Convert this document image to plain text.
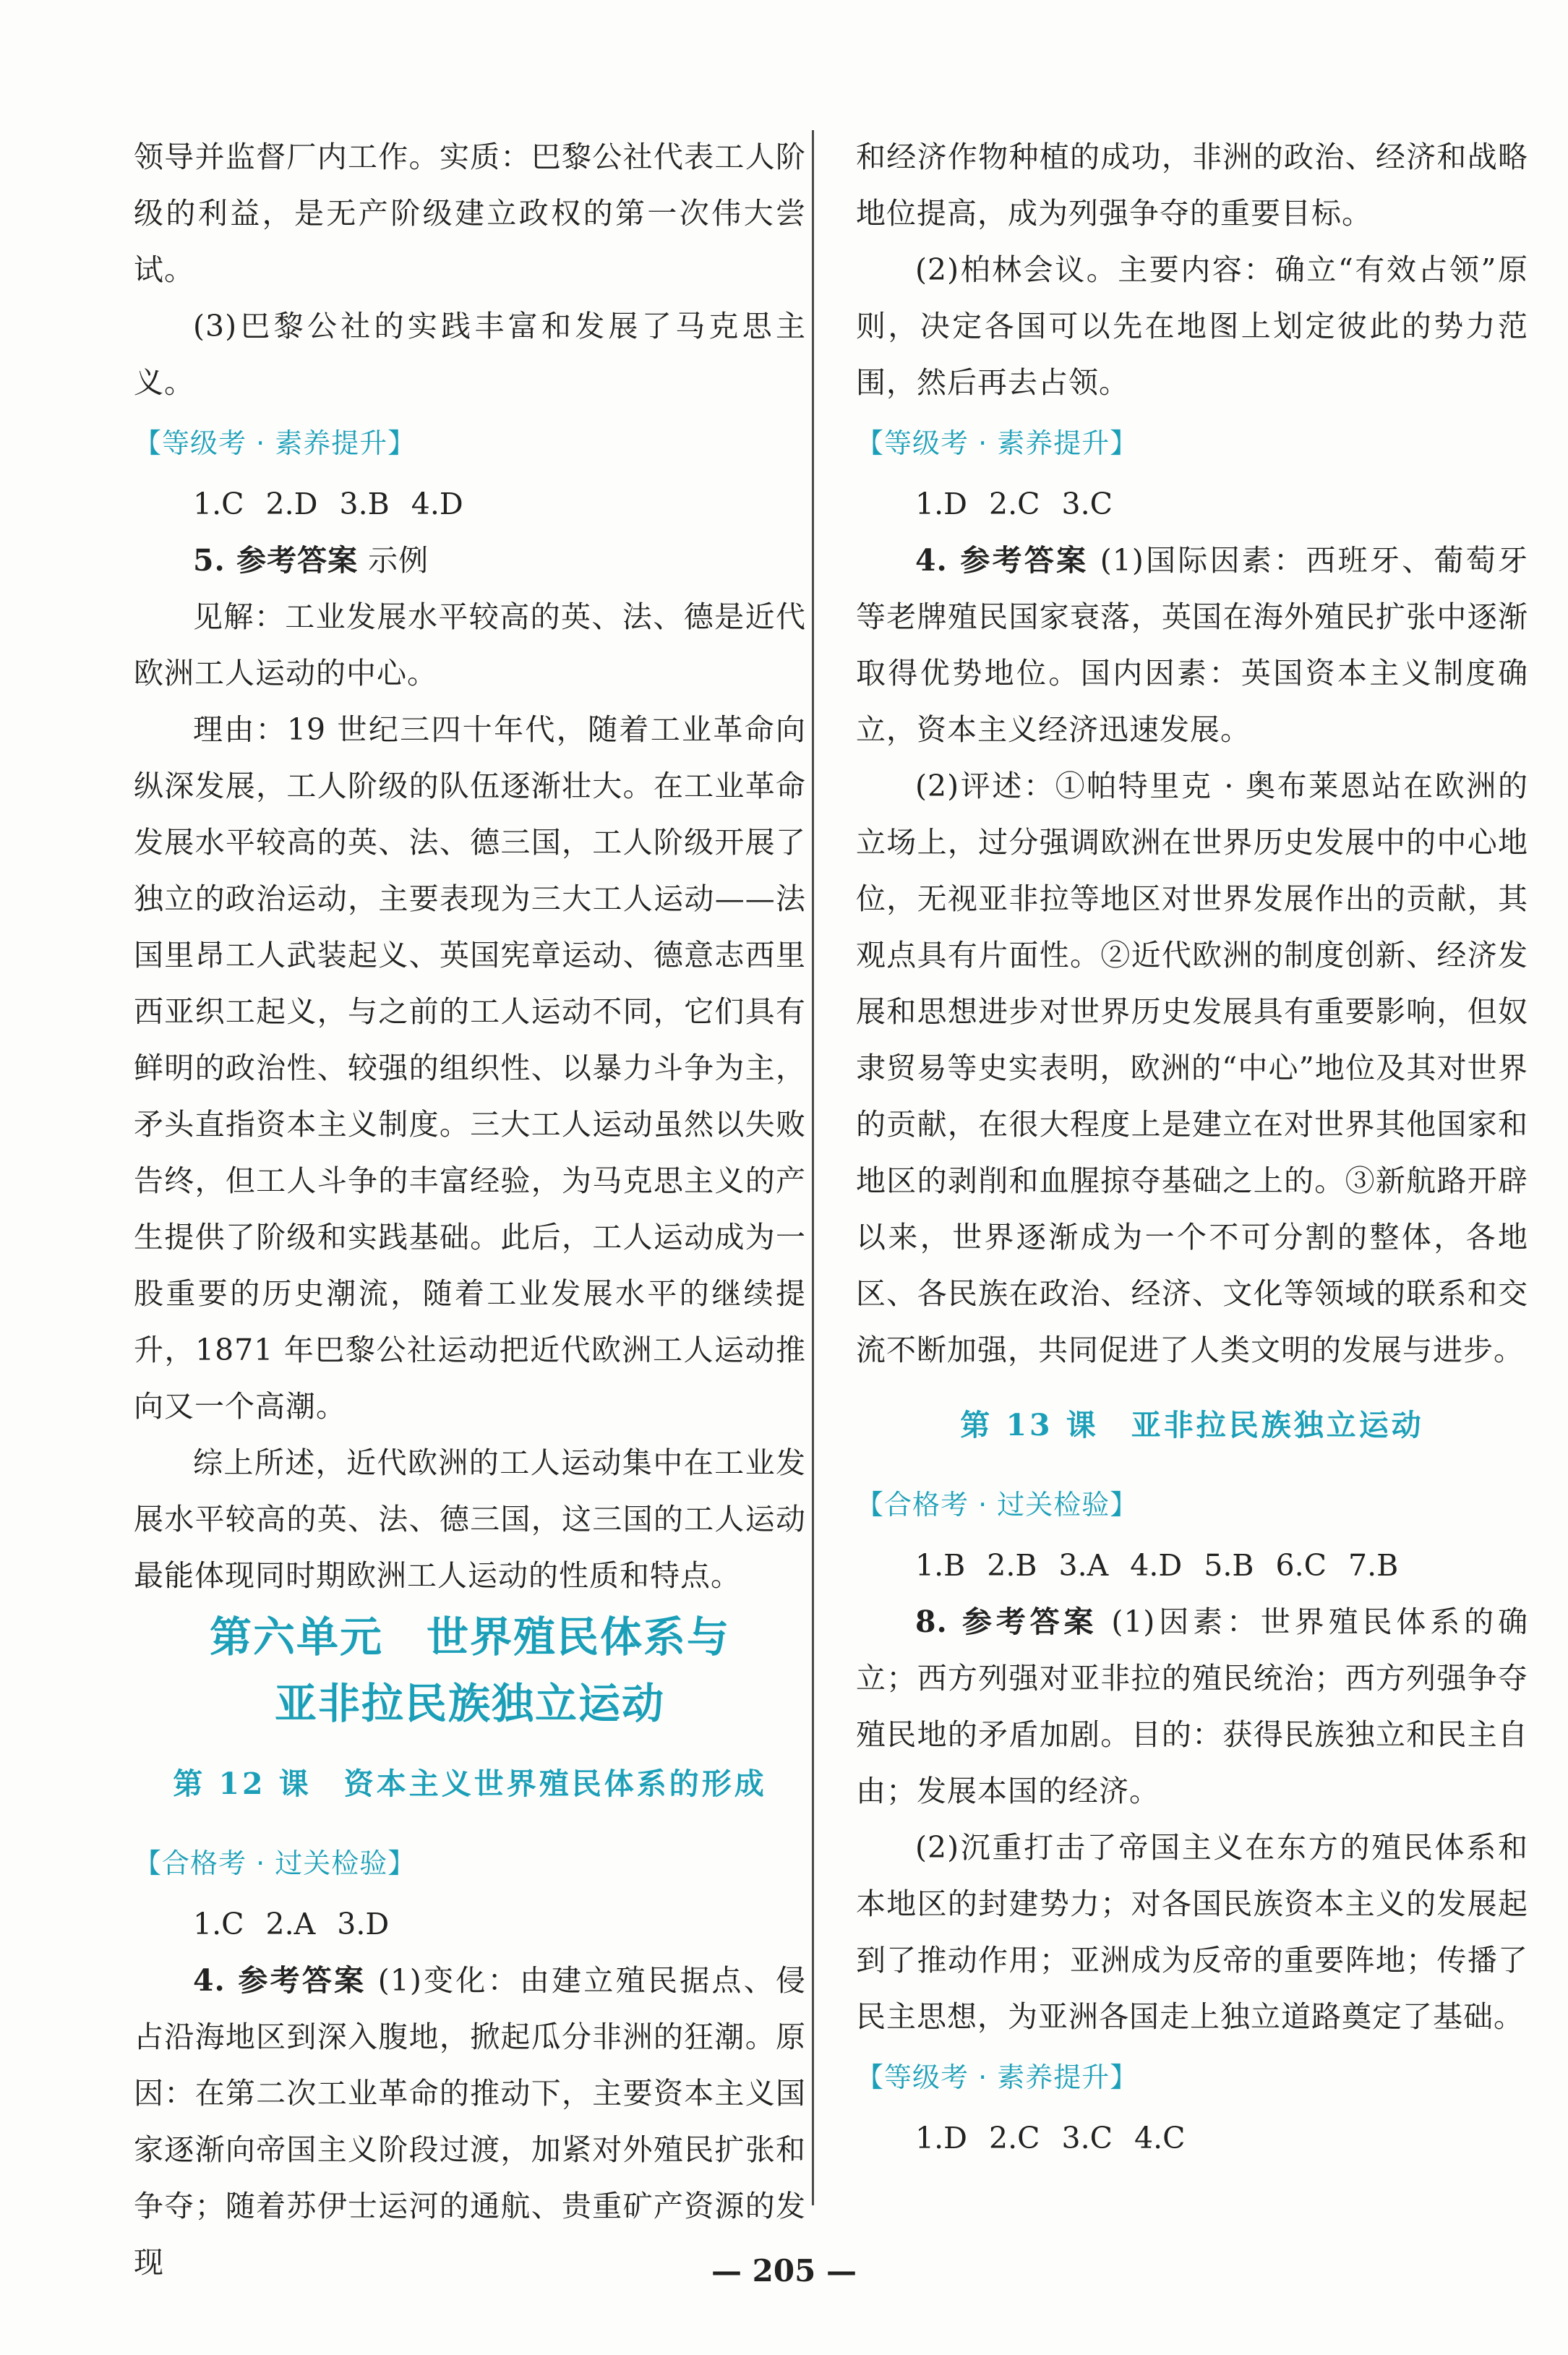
领导并监督厂内工作。实质：巴黎公社代表工人阶级的利益，是无产阶级建立政权的第一次伟大尝试。

(3)巴黎公社的实践丰富和发展了马克思主义。

【等级考 · 素养提升】

1.C 2.D 3.B 4.D

5. 参考答案 示例

见解：工业发展水平较高的英、法、德是近代欧洲工人运动的中心。

理由：19 世纪三四十年代，随着工业革命向纵深发展，工人阶级的队伍逐渐壮大。在工业革命发展水平较高的英、法、德三国，工人阶级开展了独立的政治运动，主要表现为三大工人运动——法国里昂工人武装起义、英国宪章运动、德意志西里西亚织工起义，与之前的工人运动不同，它们具有鲜明的政治性、较强的组织性、以暴力斗争为主，矛头直指资本主义制度。三大工人运动虽然以失败告终，但工人斗争的丰富经验，为马克思主义的产生提供了阶级和实践基础。此后，工人运动成为一股重要的历史潮流，随着工业发展水平的继续提升，1871 年巴黎公社运动把近代欧洲工人运动推向又一个高潮。

综上所述，近代欧洲的工人运动集中在工业发展水平较高的英、法、德三国，这三国的工人运动最能体现同时期欧洲工人运动的性质和特点。

第六单元　世界殖民体系与

亚非拉民族独立运动

第 12 课　资本主义世界殖民体系的形成

【合格考 · 过关检验】

1.C 2.A 3.D

4. 参考答案 (1)变化：由建立殖民据点、侵占沿海地区到深入腹地，掀起瓜分非洲的狂潮。原因：在第二次工业革命的推动下，主要资本主义国家逐渐向帝国主义阶段过渡，加紧对外殖民扩张和争夺；随着苏伊士运河的通航、贵重矿产资源的发现

和经济作物种植的成功，非洲的政治、经济和战略地位提高，成为列强争夺的重要目标。

(2)柏林会议。主要内容：确立“有效占领”原则，决定各国可以先在地图上划定彼此的势力范围，然后再去占领。

【等级考 · 素养提升】

1.D 2.C 3.C

4. 参考答案 (1)国际因素：西班牙、葡萄牙等老牌殖民国家衰落，英国在海外殖民扩张中逐渐取得优势地位。国内因素：英国资本主义制度确立，资本主义经济迅速发展。

(2)评述：①帕特里克 · 奥布莱恩站在欧洲的立场上，过分强调欧洲在世界历史发展中的中心地位，无视亚非拉等地区对世界发展作出的贡献，其观点具有片面性。②近代欧洲的制度创新、经济发展和思想进步对世界历史发展具有重要影响，但奴隶贸易等史实表明，欧洲的“中心”地位及其对世界的贡献，在很大程度上是建立在对世界其他国家和地区的剥削和血腥掠夺基础之上的。③新航路开辟以来，世界逐渐成为一个不可分割的整体，各地区、各民族在政治、经济、文化等领域的联系和交流不断加强，共同促进了人类文明的发展与进步。

第 13 课　亚非拉民族独立运动

【合格考 · 过关检验】

1.B 2.B 3.A 4.D 5.B 6.C 7.B

8. 参考答案 (1)因素：世界殖民体系的确立；西方列强对亚非拉的殖民统治；西方列强争夺殖民地的矛盾加剧。目的：获得民族独立和民主自由；发展本国的经济。

(2)沉重打击了帝国主义在东方的殖民体系和本地区的封建势力；对各国民族资本主义的发展起到了推动作用；亚洲成为反帝的重要阵地；传播了民主思想，为亚洲各国走上独立道路奠定了基础。

【等级考 · 素养提升】

1.D 2.C 3.C 4.C

— 205 —
